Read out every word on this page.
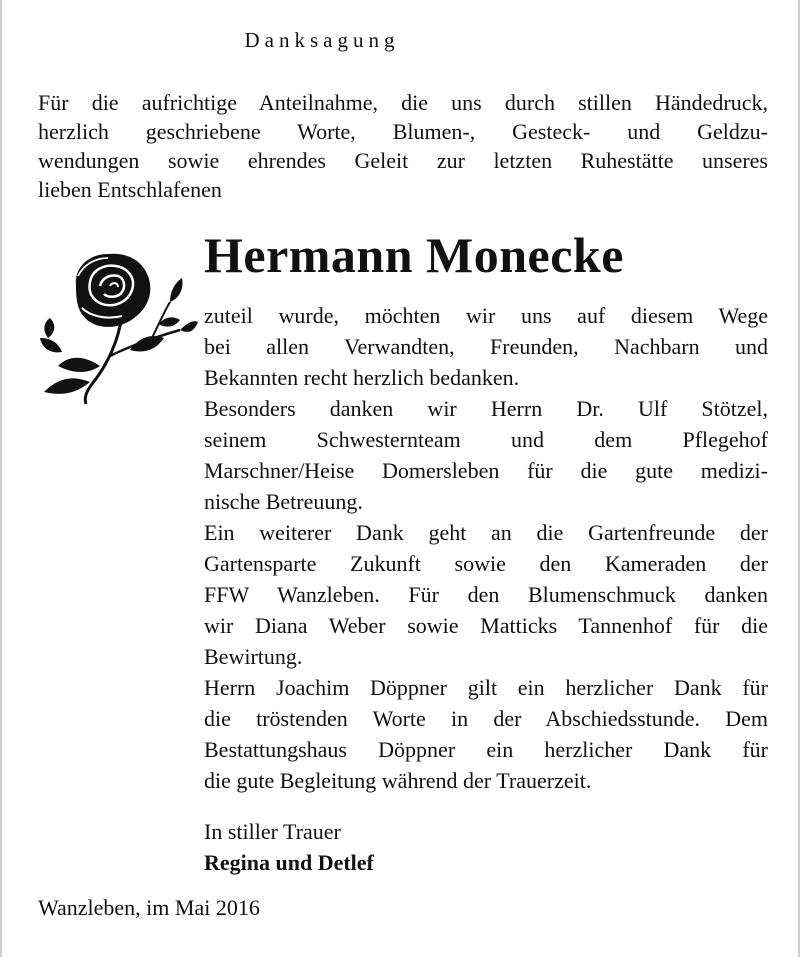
Danksagung
Für die aufrichtige Anteilnahme, die uns durch stillen Händedruck,
herzlich geschriebene Worte, Blumen-, Gesteck- und Geldzu-
wendungen sowie ehrendes Geleit zur letzten Ruhestätte unseres
lieben Entschlafenen
Hermann Monecke
zuteil wurde, möchten wir uns auf diesem Wege
bei allen Verwandten, Freunden, Nachbarn und
Bekannten recht herzlich bedanken.
Besonders danken wir Herrn Dr. Ulf Stötzel,
seinem Schwesternteam und dem Pflegehof
Marschner/Heise Domersleben für die gute medizi-
nische Betreuung.
Ein weiterer Dank geht an die Gartenfreunde der
Gartensparte Zukunft sowie den Kameraden der
FFW Wanzleben. Für den Blumenschmuck danken
wir Diana Weber sowie Matticks Tannenhof für die
Bewirtung.
Herrn Joachim Döppner gilt ein herzlicher Dank für
die tröstenden Worte in der Abschiedsstunde. Dem
Bestattungshaus Döppner ein herzlicher Dank für
die gute Begleitung während der Trauerzeit.
In stiller Trauer
Regina und Detlef
Wanzleben, im Mai 2016
